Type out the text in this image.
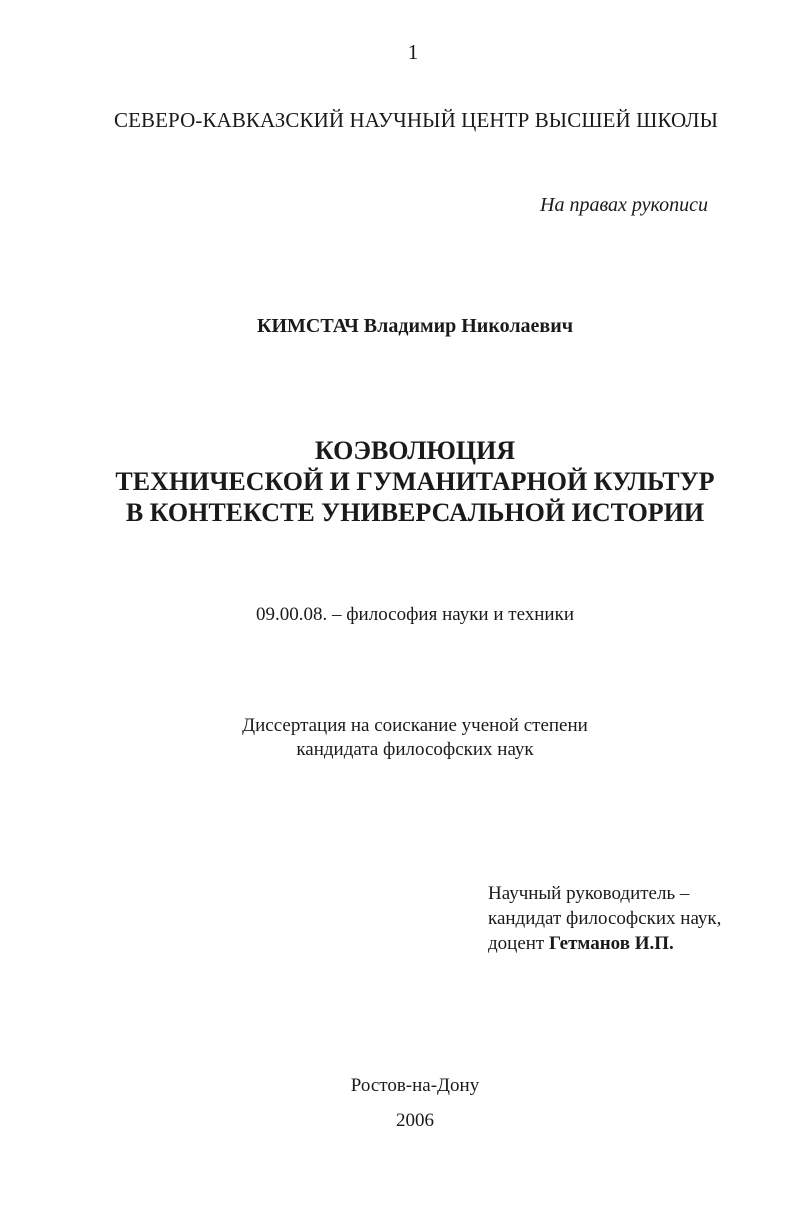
1
СЕВЕРО-КАВКАЗСКИЙ НАУЧНЫЙ ЦЕНТР ВЫСШЕЙ ШКОЛЫ
На правах рукописи
КИМСТАЧ Владимир Николаевич
КОЭВОЛЮЦИЯ
ТЕХНИЧЕСКОЙ И ГУМАНИТАРНОЙ КУЛЬТУР
В КОНТЕКСТЕ УНИВЕРСАЛЬНОЙ ИСТОРИИ
09.00.08. – философия науки и техники
Диссертация на соискание ученой степени
кандидата философских наук
Научный руководитель –
кандидат философских наук,
доцент Гетманов И.П.
Ростов-на-Дону
2006
